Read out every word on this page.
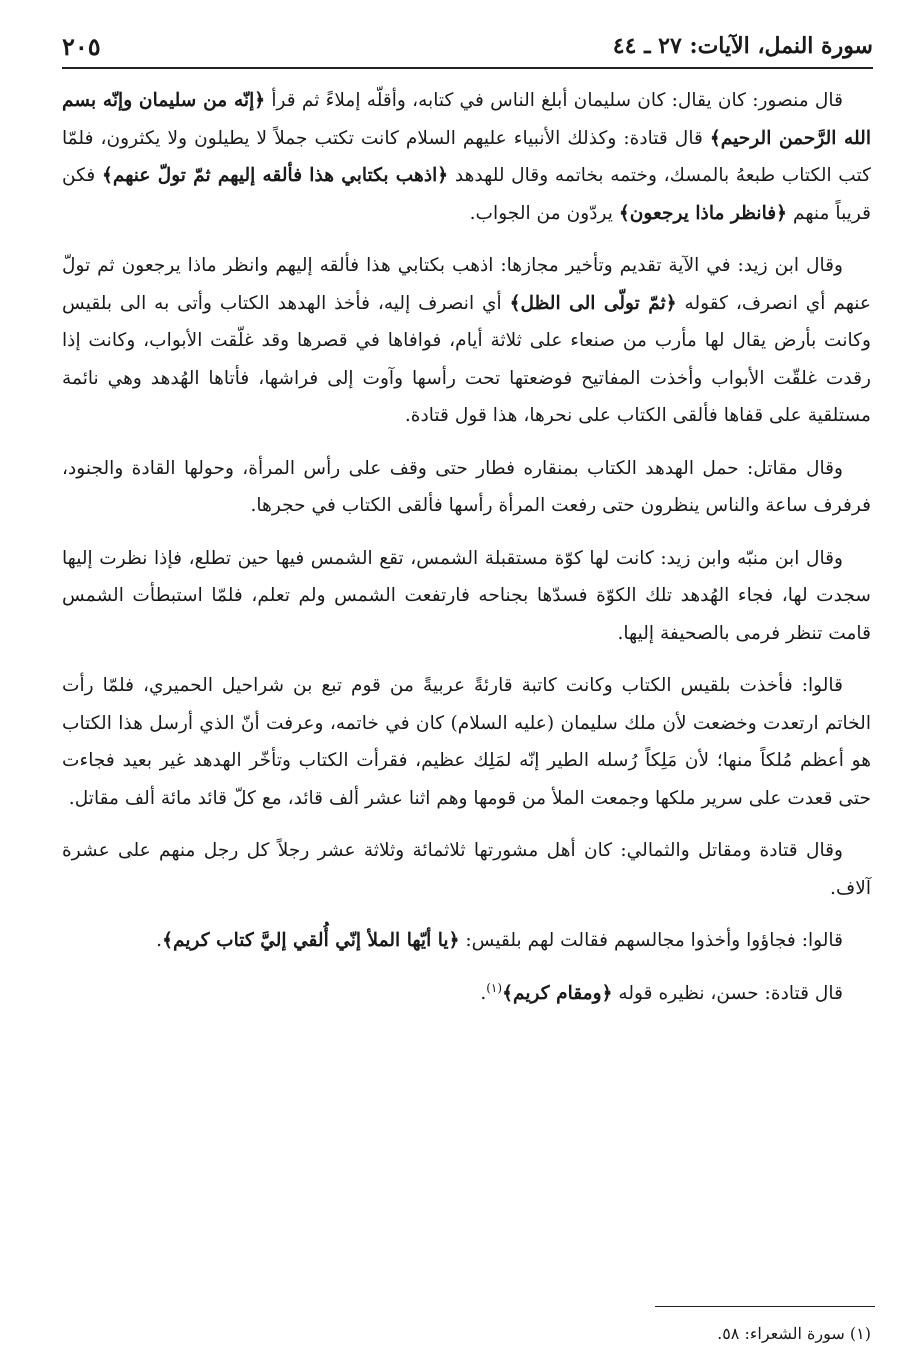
سورة النمل، الآيات: ٢٧ ـ ٤٤
٢٠٥

قال منصور: كان يقال: كان سليمان أبلغ الناس في كتابه، وأقلّه إملاءً ثم قرأ ﴿إنّه من سليمان وإنّه بسم الله الرَّحمن الرحيم﴾ قال قتادة: وكذلك الأنبياء عليهم السلام كانت تكتب جملاً لا يطيلون ولا يكثرون، فلمّا كتب الكتاب طبعهُ بالمسك، وختمه بخاتمه وقال للهدهد ﴿اذهب بكتابي هذا فألقه إليهم ثمّ تولّ عنهم﴾ فكن قريباً منهم ﴿فانظر ماذا يرجعون﴾ يردّون من الجواب.

وقال ابن زيد: في الآية تقديم وتأخير مجازها: اذهب بكتابي هذا فألقه إليهم وانظر ماذا يرجعون ثم تولّ عنهم أي انصرف، كقوله ﴿ثمّ تولّى الى الظل﴾ أي انصرف إليه، فأخذ الهدهد الكتاب وأتى به الى بلقيس وكانت بأرض يقال لها مأرب من صنعاء على ثلاثة أيام، فوافاها في قصرها وقد غلّقت الأبواب، وكانت إذا رقدت غلقّت الأبواب وأخذت المفاتيح فوضعتها تحت رأسها وآوت إلى فراشها، فأتاها الهُدهد وهي نائمة مستلقية على قفاها فألقى الكتاب على نحرها، هذا قول قتادة.

وقال مقاتل: حمل الهدهد الكتاب بمنقاره فطار حتى وقف على رأس المرأة، وحولها القادة والجنود، فرفرف ساعة والناس ينظرون حتى رفعت المرأة رأسها فألقى الكتاب في حجرها.

وقال ابن منبّه وابن زيد: كانت لها كوّة مستقبلة الشمس، تقع الشمس فيها حين تطلع، فإذا نظرت إليها سجدت لها، فجاء الهُدهد تلك الكوّة فسدّها بجناحه فارتفعت الشمس ولم تعلم، فلمّا استبطأت الشمس قامت تنظر فرمى بالصحيفة إليها.

قالوا: فأخذت بلقيس الكتاب وكانت كاتبة قارئةً عربيةً من قوم تبع بن شراحيل الحميري، فلمّا رأت الخاتم ارتعدت وخضعت لأن ملك سليمان (عليه السلام) كان في خاتمه، وعرفت أنّ الذي أرسل هذا الكتاب هو أعظم مُلكاً منها؛ لأن مَلِكاً رُسله الطير إنّه لمَلِك عظيم، فقرأت الكتاب وتأخّر الهدهد غير بعيد فجاءت حتى قعدت على سرير ملكها وجمعت الملأ من قومها وهم اثنا عشر ألف قائد، مع كلّ قائد مائة ألف مقاتل.

وقال قتادة ومقاتل والثمالي: كان أهل مشورتها ثلاثمائة وثلاثة عشر رجلاً كل رجل منهم على عشرة آلاف.

قالوا: فجاؤوا وأخذوا مجالسهم فقالت لهم بلقيس: ﴿يا أيّها الملأ إنّي أُلقي إليَّ كتاب كريم﴾.

قال قتادة: حسن، نظيره قوله ﴿ومقام كريم﴾$^{(١)}$.

(١) سورة الشعراء: ٥٨.
